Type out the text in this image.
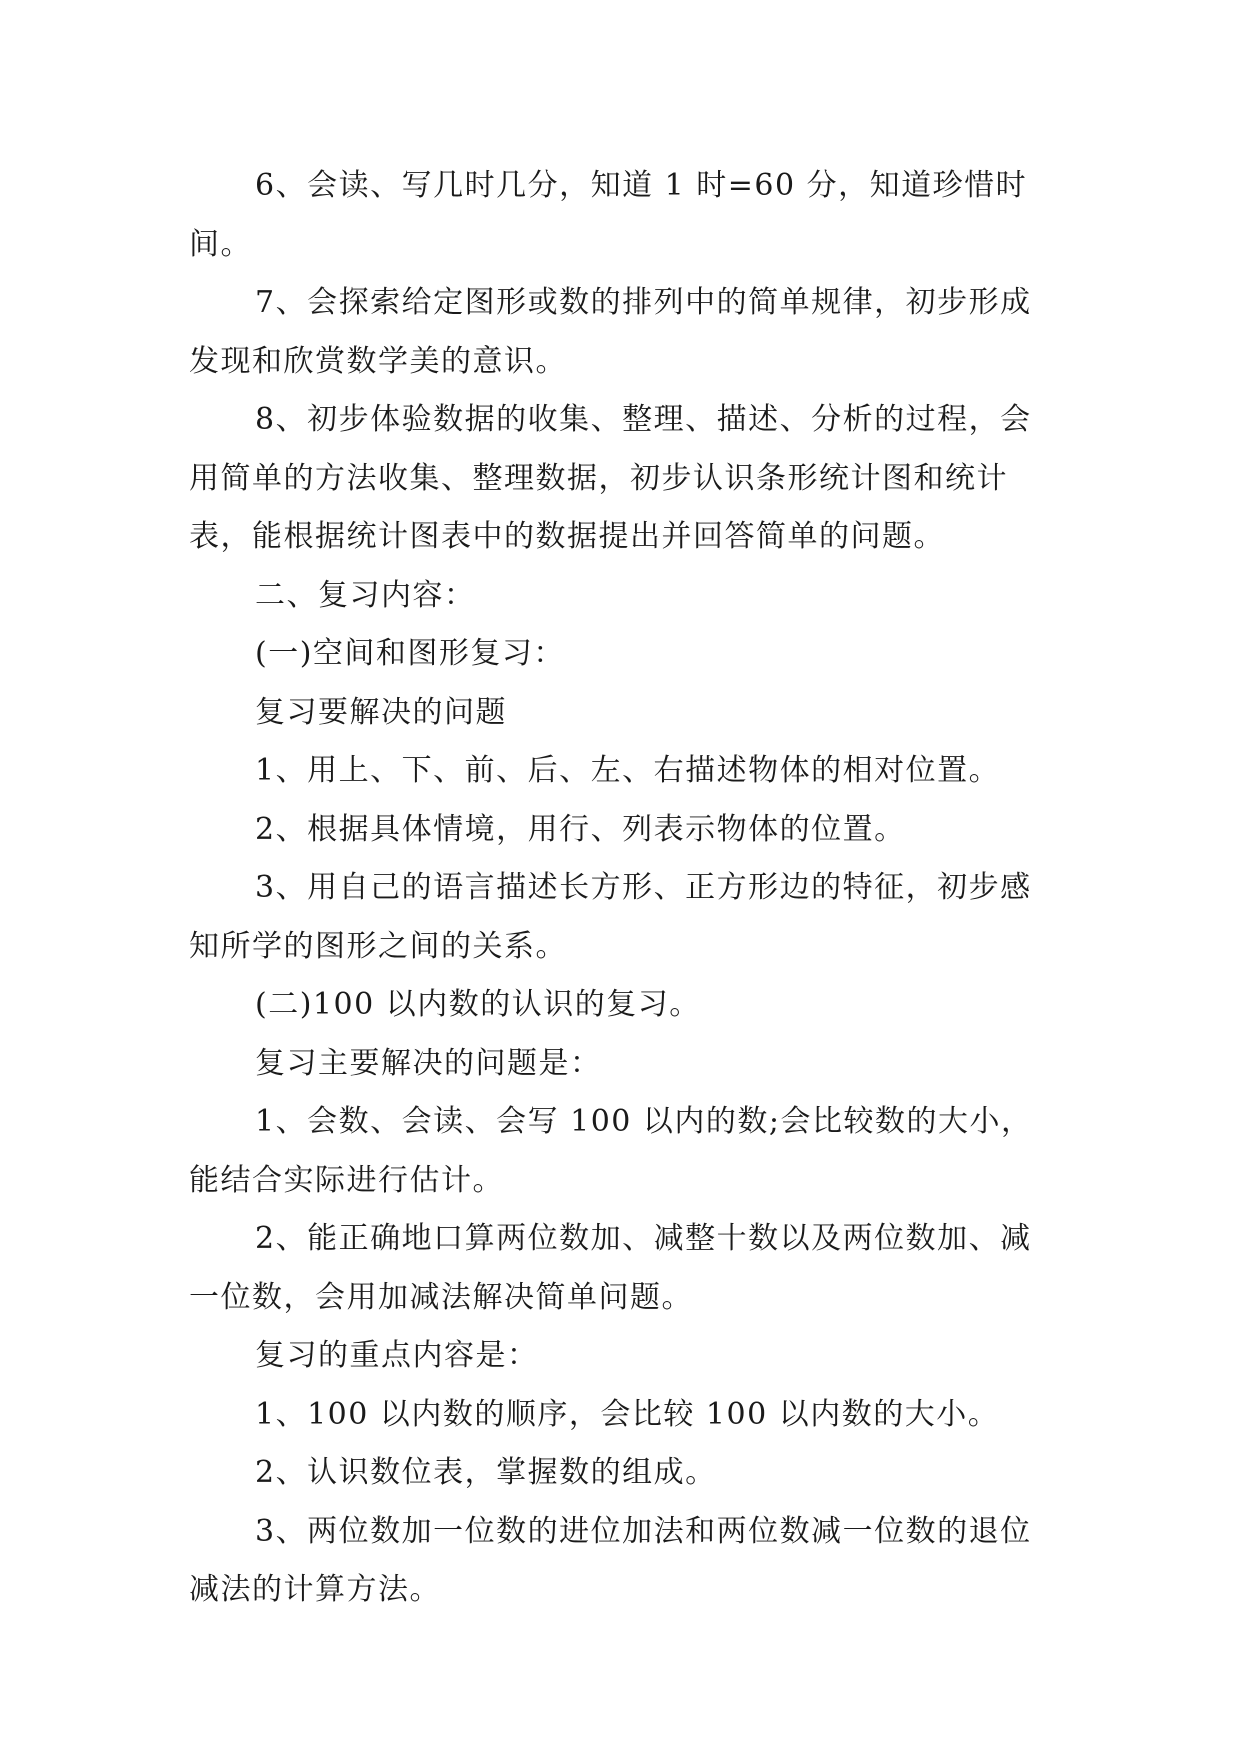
6、会读、写几时几分，知道 1 时=60 分，知道珍惜时间。

7、会探索给定图形或数的排列中的简单规律，初步形成发现和欣赏数学美的意识。

8、初步体验数据的收集、整理、描述、分析的过程，会用简单的方法收集、整理数据，初步认识条形统计图和统计表，能根据统计图表中的数据提出并回答简单的问题。

二、复习内容：

(一)空间和图形复习：

复习要解决的问题

1、用上、下、前、后、左、右描述物体的相对位置。

2、根据具体情境，用行、列表示物体的位置。

3、用自己的语言描述长方形、正方形边的特征，初步感知所学的图形之间的关系。

(二)100 以内数的认识的复习。

复习主要解决的问题是：

1、会数、会读、会写 100 以内的数;会比较数的大小，能结合实际进行估计。

2、能正确地口算两位数加、减整十数以及两位数加、减一位数，会用加减法解决简单问题。

复习的重点内容是：

1、100 以内数的顺序，会比较 100 以内数的大小。

2、认识数位表，掌握数的组成。

3、两位数加一位数的进位加法和两位数减一位数的退位减法的计算方法。
